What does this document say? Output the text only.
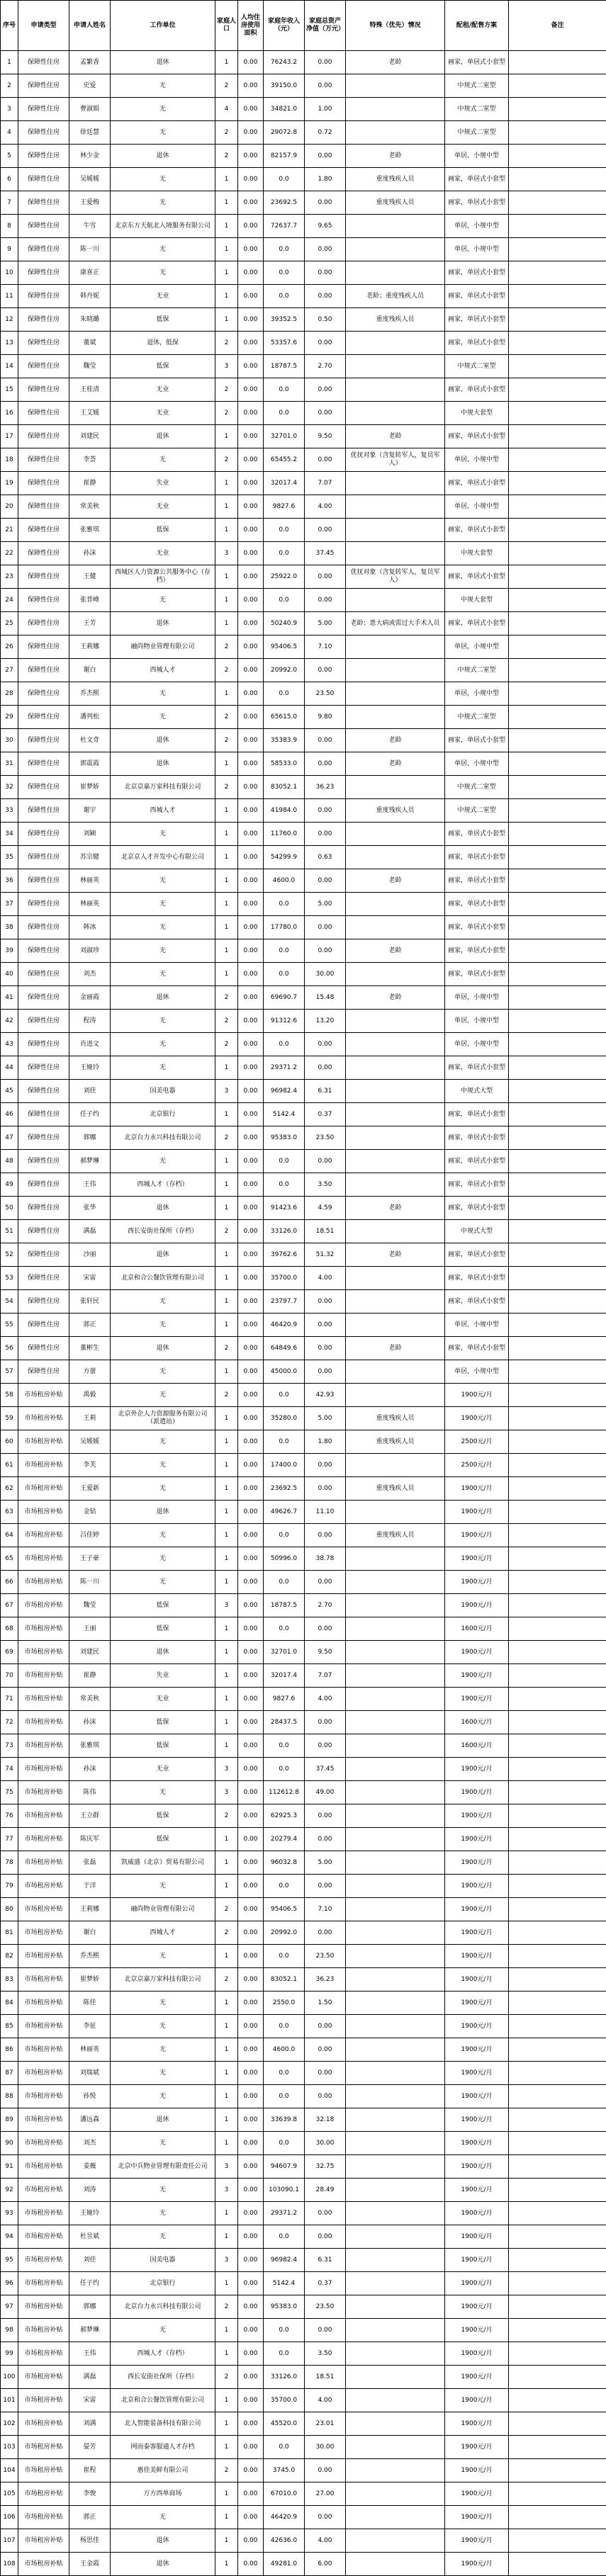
序号	申请类型	申请人姓名	工作单位	家庭人口	人均住房使用面积	家庭年收入（元）	家庭总资产净值（万元）	特殊（优先）情况	配租/配售方案	备注
1	保障性住房	孟繁香	退休	1	0.00	76243.2	0.00	老龄	画家，单居式小套型	
2	保障性住房	史爱	无	2	0.00	39150.0	0.00		中规式二室型	
3	保障性住房	曹淑娟	无	4	0.00	34821.0	1.00		中规式二室型	
4	保障性住房	徐廷慧	无	2	0.00	29072.8	0.72		中规式二室型	
5	保障性住房	林少金	退休	2	0.00	82157.9	0.00	老龄	单居，小规中型	
6	保障性住房	吴媛媛	无	1	0.00	0.0	1.80	重度残疾人员	画家，单居式小套型	
7	保障性住房	王爱梅	无	1	0.00	23692.5	0.00	重度残疾人员	画家，单居式小套型	
8	保障性住房	牛雪	北京东方天航北入境服务有限公司	1	0.00	72637.7	9.65		单居，小规中型	
9	保障性住房	陈一川	无	1	0.00	0.0	0.00		单居，小规中型	
10	保障性住房	康喜正	无	1	0.00	0.0	0.00		画家，单居式小套型	
11	保障性住房	韩丹妮	无业	1	0.00	0.0	0.00	老龄；重度残疾人员	画家，单居式小套型	
12	保障性住房	朱晓璐	低保	1	0.00	39352.5	0.50	重度残疾人员	画家，单居式小套型	
13	保障性住房	董斌	退休，低保	2	0.00	53357.6	0.00		画家，单居式小套型	
14	保障性住房	魏莹	低保	3	0.00	18787.5	2.70		中规式二室型	
15	保障性住房	王桂清	无业	2	0.00	0.0	0.00		画家，单居式小套型	
16	保障性住房	王艾媛	无业	2	0.00	0.0	0.00		中规大套型	
17	保障性住房	刘建民	退休	1	0.00	32701.0	9.50	老龄	画家，单居式小套型	
18	保障性住房	李荟	无	2	0.00	65455.2	0.00	优抚对象（含复转军人，复员军人）	单居，小规中型	
19	保障性住房	崔静	失业	1	0.00	32017.4	7.07		画家，单居式小套型	
20	保障性住房	常美秋	无业	1	0.00	9827.6	4.00		单居，小规中型	
21	保障性住房	张雅琪	低保	1	0.00	0.0	0.00		画家，单居式小套型	
22	保障性住房	孙沫	无业	3	0.00	0.0	37.45		中规大套型	
23	保障性住房	王健	西城区人力资源公共服务中心（存档）	1	0.00	25922.0	0.00	优抚对象（含复转军人，复员军人）	画家，单居式小套型	
24	保障性住房	张晋峰	无	1	0.00	0.0	0.00		中规大套型	
25	保障性住房	王芳	退休	1	0.00	50240.9	5.00	老龄；患大病或需过大手术人员	画家，单居式小套型	
26	保障性住房	王莉娜	融尚物业管理有限公司	2	0.00	95406.5	7.10		单居，小规中型	
27	保障性住房	谢白	西城人才	2	0.00	20992.0	0.00		中规式二室型	
28	保障性住房	乔杰熙	无	1	0.00	0.0	23.50		单居，小规中型	
29	保障性住房	潘列松	无	2	0.00	65615.0	9.80		中规式二室型	
30	保障性住房	杜文奇	退休	2	0.00	35383.9	0.00	老龄	画家，单居式小套型	
31	保障性住房	郭震霞	退休	1	0.00	58533.0	0.00	老龄	单居，小规中型	
32	保障性住房	崔梦娇	北京京嘉万家科技有限公司	2	0.00	83052.1	36.23		中规式二室型	
33	保障性住房	谢宇	西城人才	1	0.00	41984.0	0.00	重度残疾人员	中规式二室型	
34	保障性住房	刘颖	无	1	0.00	11760.0	0.00		画家，单居式小套型	
35	保障性住房	苏宗健	北京京人才开发中心有限公司	1	0.00	54299.9	0.63		画家，单居式小套型	
36	保障性住房	林丽英	无	1	0.00	4600.0	0.00	老龄	画家，单居式小套型	
37	保障性住房	林丽英	无	1	0.00	0.0	5.00		画家，单居式小套型	
38	保障性住房	韩冰	无	1	0.00	17780.0	0.00		画家，单居式小套型	
39	保障性住房	刘淑珍	无	1	0.00	0.0	0.00	老龄	画家，单居式小套型	
40	保障性住房	刘杰	无	1	0.00	0.0	30.00		画家，单居式小套型	
41	保障性住房	金丽霞	退休	2	0.00	69690.7	15.48	老龄	单居，小规中型	
42	保障性住房	程涛	无	2	0.00	91312.6	13.20		单居，小规中型	
43	保障性住房	肖进文	无	2	0.00	0.0	0.00		单居，小规中型	
44	保障性住房	王娅玲	无	1	0.00	29371.2	0.00		画家，单居式小套型	
45	保障性住房	刘佳	国美电器	3	0.00	96982.4	6.31		中规式大型	
46	保障性住房	任子约	北京银行	1	0.00	5142.4	0.37		画家，单居式小套型	
47	保障性住房	郭娜	北京台力永兴科技有限公司	2	0.00	95383.0	23.50		画家，单居式小套型	
48	保障性住房	郝梦琳	无	1	0.00	0.0	0.00		画家，单居式小套型	
49	保障性住房	王伟	西城人才（存档）	1	0.00	0.0	3.50		画家，单居式小套型	
50	保障性住房	张华	退休	1	0.00	91423.6	4.59	老龄	画家，单居式小套型	
51	保障性住房	满磊	西长安街社保所（存档）	2	0.00	33126.0	18.51		中规式大型	
52	保障性住房	沙丽	退休	1	0.00	39762.6	51.32	老龄	画家，单居式小套型	
53	保障性住房	宋雷	北京和合公餐饮管理有限公司	1	0.00	35700.0	4.00		画家，单居式小套型	
54	保障性住房	张轩民	无	1	0.00	23797.7	0.00		画家，单居式小套型	
55	保障性住房	郭正	无	1	0.00	46420.9	0.00		单居，小规中型	
56	保障性住房	董彬生	退休	2	0.00	64849.6	0.00	老龄	画家，单居式小套型	
57	保障性住房	方蕾	无	1	0.00	45000.0	0.00		单居，小规中型	
58	市场租房补贴	禹毅	无	2	0.00	0.0	42.93		1900元/月	
59	市场租房补贴	王莉	北京外企人力资源服务有限公司（派遣站）	1	0.00	35280.0	5.00	重度残疾人员	1900元/月	
60	市场租房补贴	吴媛媛	无	1	0.00	0.0	1.80	重度残疾人员	2500元/月	
61	市场租房补贴	李芙	无	1	0.00	17400.0	0.00		2500元/月	
62	市场租房补贴	王爱新	无	1	0.00	23692.5	0.00	重度残疾人员	1900元/月	
63	市场租房补贴	金钻	退休	1	0.00	49626.7	11.10		1900元/月	
64	市场租房补贴	吕佳婷	无	1	0.00	0.0	0.00	重度残疾人员	1900元/月	
65	市场租房补贴	王子豪	无	1	0.00	50996.0	38.78		1900元/月	
66	市场租房补贴	陈一川	无	1	0.00	0.0	0.00		1900元/月	
67	市场租房补贴	魏莹	低保	3	0.00	18787.5	2.70		1900元/月	
68	市场租房补贴	王丽	低保	1	0.00	0.0	0.00		1600元/月	
69	市场租房补贴	刘建民	退休	1	0.00	32701.0	9.50		1900元/月	
70	市场租房补贴	崔静	失业	1	0.00	32017.4	7.07		1900元/月	
71	市场租房补贴	常美秋	无业	1	0.00	9827.6	4.00		1900元/月	
72	市场租房补贴	孙沫	低保	1	0.00	28437.5	0.00		1600元/月	
73	市场租房补贴	张雅琪	低保	1	0.00	0.0	0.00		1600元/月	
74	市场租房补贴	孙沫	无业	3	0.00	0.0	37.45		1900元/月	
75	市场租房补贴	陈伟	无	3	0.00	112612.8	49.00		1900元/月	
76	市场租房补贴	王立群	低保	2	0.00	62925.3	0.00		1900元/月	
77	市场租房补贴	陈庆军	低保	1	0.00	20279.4	0.00		1900元/月	
78	市场租房补贴	张磊	凯威盛（北京）贸易有限公司	1	0.00	96032.8	5.00		1900元/月	
79	市场租房补贴	于洋	无	1	0.00	0.0	0.00		1900元/月	
80	市场租房补贴	王莉娜	融尚物业管理有限公司	2	0.00	95406.5	7.10		1900元/月	
81	市场租房补贴	谢白	西城人才	2	0.00	20992.0	0.00		1900元/月	
82	市场租房补贴	乔杰熙	无	1	0.00	0.0	23.50		1900元/月	
83	市场租房补贴	崔梦娇	北京京嘉万家科技有限公司	2	0.00	83052.1	36.23		1900元/月	
84	市场租房补贴	陈佳	无	1	0.00	2550.0	1.50		1900元/月	
85	市场租房补贴	李征	无	1	0.00	0.0	0.00		1900元/月	
86	市场租房补贴	林丽英	无	1	0.00	4600.0	0.00		1900元/月	
87	市场租房补贴	刘瑞斌	无	1	0.00	0.0	0.00		1900元/月	
88	市场租房补贴	孙悦	无	1	0.00	0.0	0.00		1900元/月	
89	市场租房补贴	潘远森	退休	1	0.00	33639.8	32.18		1900元/月	
90	市场租房补贴	刘杰	无	1	0.00	0.0	30.00		1900元/月	
91	市场租房补贴	姜薇	北京中兵物业管理有限责任公司	3	0.00	94607.9	32.75		1900元/月	
92	市场租房补贴	刘涛	无	3	0.00	103090.1	28.49		1900元/月	
93	市场租房补贴	王娅玲	无	1	0.00	29371.2	0.00		1900元/月	
94	市场租房补贴	杜昱斌	无	1	0.00	0.0	0.00		1900元/月	
95	市场租房补贴	刘佳	国美电器	3	0.00	96982.4	6.31		1900元/月	
96	市场租房补贴	任子约	北京银行	1	0.00	5142.4	0.37		1900元/月	
97	市场租房补贴	郭娜	北京台力永兴科技有限公司	2	0.00	95383.0	23.50		1900元/月	
98	市场租房补贴	郝梦琳	无	1	0.00	0.0	0.00		1900元/月	
99	市场租房补贴	王伟	西城人才（存档）	1	0.00	0.0	3.50		1900元/月	
100	市场租房补贴	满磊	西长安街社保所（存档）	2	0.00	33126.0	18.51		1900元/月	
101	市场租房补贴	宋雷	北京和合公餐饮管理有限公司	1	0.00	35700.0	4.00		1900元/月	
102	市场租房补贴	刘满	北人智能装备科技有限公司	1	0.00	45520.0	23.01		1900元/月	
103	市场租房补贴	晏芳	网而泰客服通人才存档	1	0.00	0.0	30.00		1900元/月	
104	市场租房补贴	崔程	惠佳美鲜有限公司	2	0.00	3745.0	0.00		1900元/月	
105	市场租房补贴	李俊	万方西单商场	1	0.00	67010.0	27.00		1900元/月	
106	市场租房补贴	郭正	无	1	0.00	46420.9	0.00		1900元/月	
107	市场租房补贴	杨思佳	退休	1	0.00	42636.0	4.00		1900元/月	
108	市场租房补贴	王金霞	退休	1	0.00	49281.0	6.00		1900元/月	
